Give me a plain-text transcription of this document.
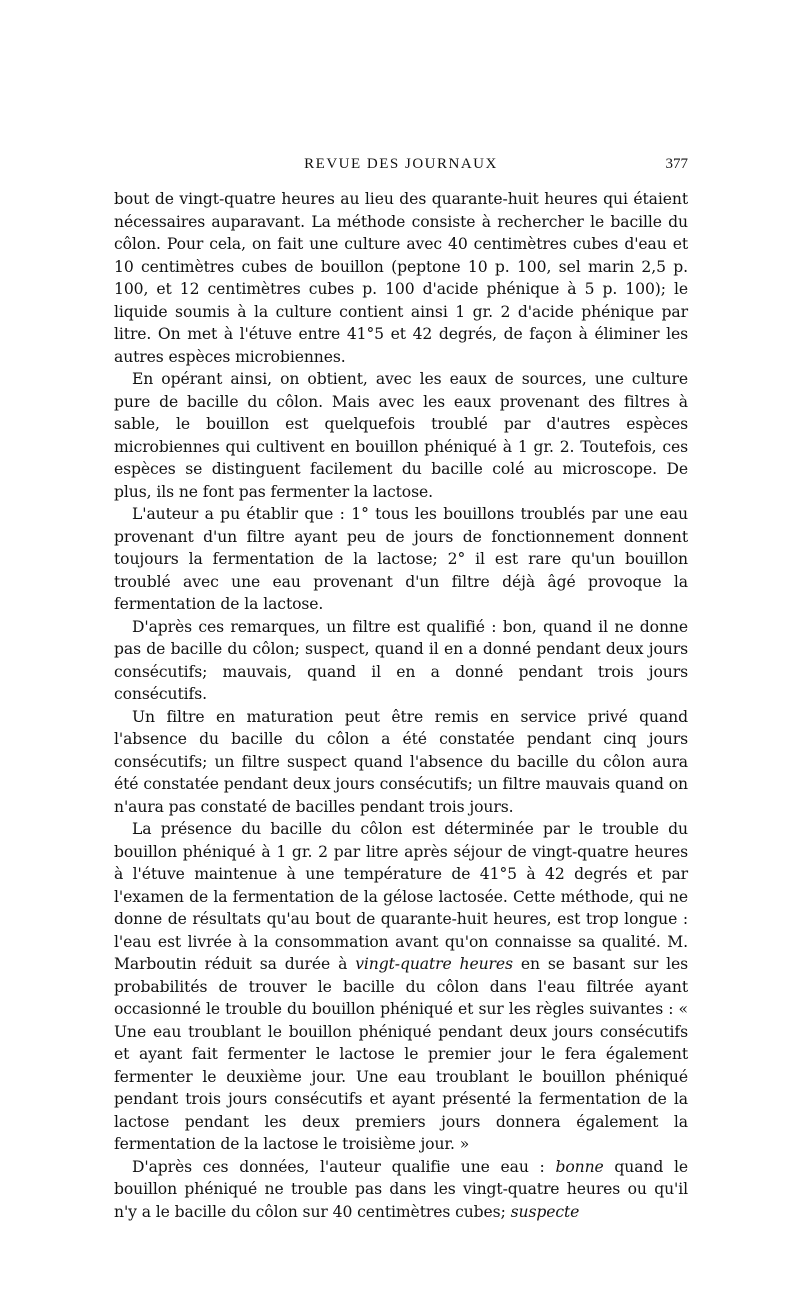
REVUE DES JOURNAUX	377

bout de vingt-quatre heures au lieu des quarante-huit heures qui étaient nécessaires auparavant. La méthode consiste à rechercher le bacille du côlon. Pour cela, on fait une culture avec 40 centimètres cubes d'eau et 10 centimètres cubes de bouillon (peptone 10 p. 100, sel marin 2,5 p. 100, et 12 centimètres cubes p. 100 d'acide phénique à 5 p. 100); le liquide soumis à la culture contient ainsi 1 gr. 2 d'acide phénique par litre. On met à l'étuve entre 41°5 et 42 degrés, de façon à éliminer les autres espèces microbiennes.

En opérant ainsi, on obtient, avec les eaux de sources, une culture pure de bacille du côlon. Mais avec les eaux provenant des filtres à sable, le bouillon est quelquefois troublé par d'autres espèces microbiennes qui cultivent en bouillon phéniqué à 1 gr. 2. Toutefois, ces espèces se distinguent facilement du bacille colé au microscope. De plus, ils ne font pas fermenter la lactose.

L'auteur a pu établir que : 1° tous les bouillons troublés par une eau provenant d'un filtre ayant peu de jours de fonctionnement donnent toujours la fermentation de la lactose; 2° il est rare qu'un bouillon troublé avec une eau provenant d'un filtre déjà âgé provoque la fermentation de la lactose.

D'après ces remarques, un filtre est qualifié : bon, quand il ne donne pas de bacille du côlon; suspect, quand il en a donné pendant deux jours consécutifs; mauvais, quand il en a donné pendant trois jours consécutifs.

Un filtre en maturation peut être remis en service privé quand l'absence du bacille du côlon a été constatée pendant cinq jours consécutifs; un filtre suspect quand l'absence du bacille du côlon aura été constatée pendant deux jours consécutifs; un filtre mauvais quand on n'aura pas constaté de bacilles pendant trois jours.

La présence du bacille du côlon est déterminée par le trouble du bouillon phéniqué à 1 gr. 2 par litre après séjour de vingt-quatre heures à l'étuve maintenue à une température de 41°5 à 42 degrés et par l'examen de la fermentation de la gélose lactosée. Cette méthode, qui ne donne de résultats qu'au bout de quarante-huit heures, est trop longue : l'eau est livrée à la consommation avant qu'on connaisse sa qualité. M. Marboutin réduit sa durée à vingt-quatre heures en se basant sur les probabilités de trouver le bacille du côlon dans l'eau filtrée ayant occasionné le trouble du bouillon phéniqué et sur les règles suivantes : « Une eau troublant le bouillon phéniqué pendant deux jours consécutifs et ayant fait fermenter le lactose le premier jour le fera également fermenter le deuxième jour. Une eau troublant le bouillon phéniqué pendant trois jours consécutifs et ayant présenté la fermentation de la lactose pendant les deux premiers jours donnera également la fermentation de la lactose le troisième jour. »

D'après ces données, l'auteur qualifie une eau : bonne quand le bouillon phéniqué ne trouble pas dans les vingt-quatre heures ou qu'il n'y a le bacille du côlon sur 40 centimètres cubes; suspecte
